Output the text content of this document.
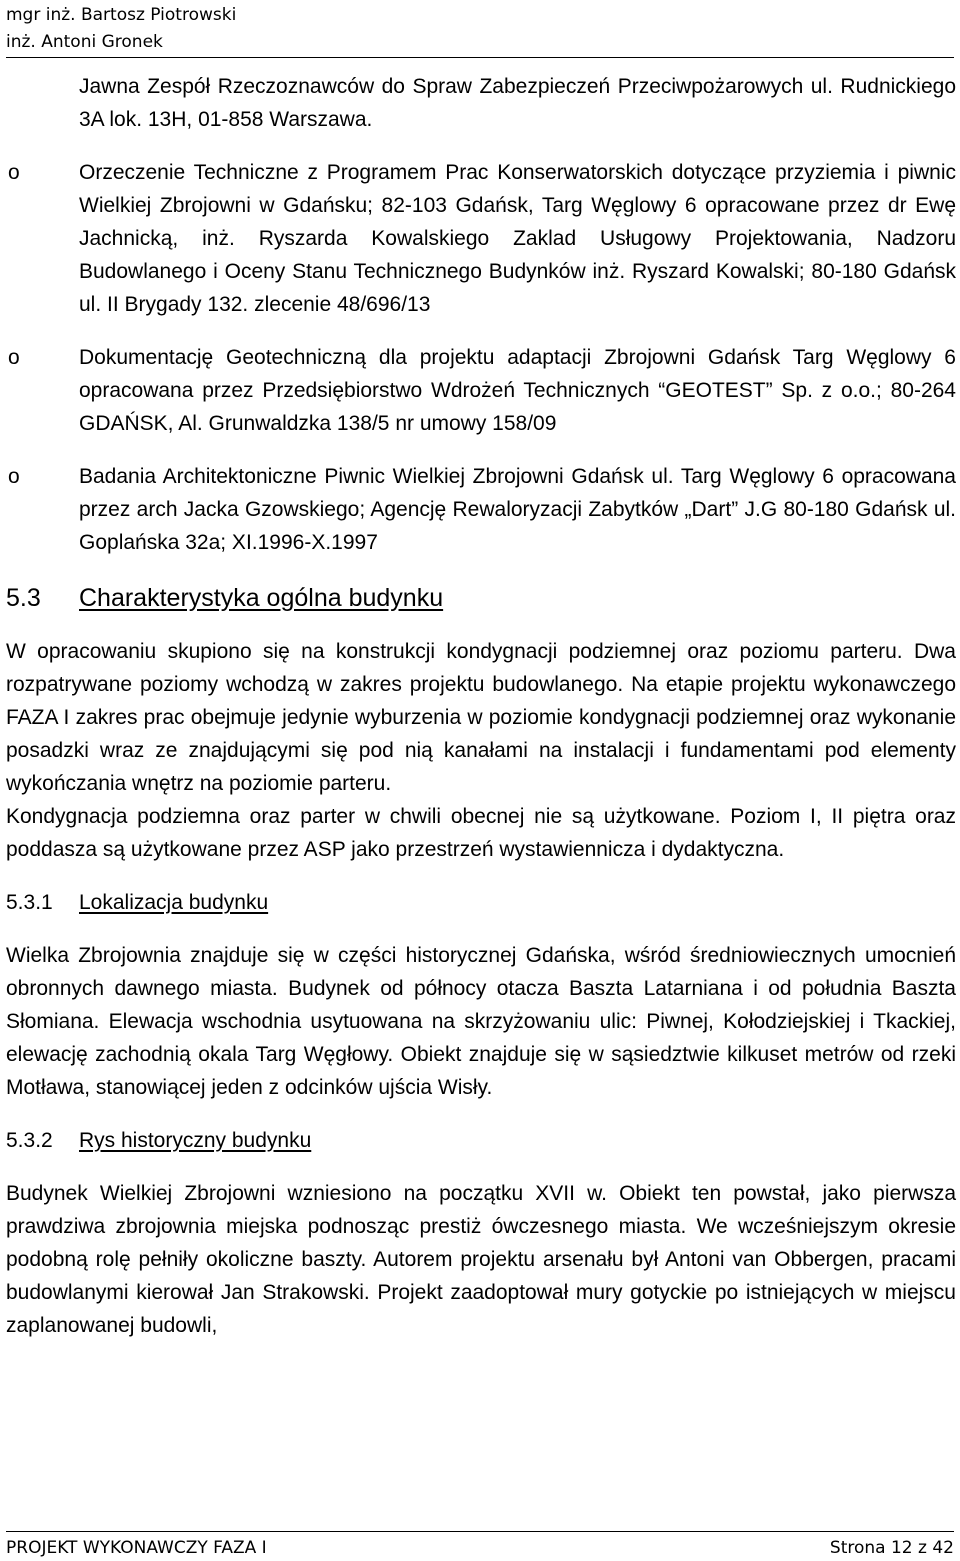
mgr inż. Bartosz Piotrowski
inż. Antoni Gronek

Jawna Zespół Rzeczoznawców do Spraw Zabezpieczeń Przeciwpożarowych ul. Rudnickiego 3A lok. 13H, 01-858 Warszawa.

o	Orzeczenie Techniczne z Programem Prac Konserwatorskich dotyczące przyziemia i piwnic Wielkiej Zbrojowni w Gdańsku; 82-103 Gdańsk, Targ Węglowy 6 opracowane przez dr Ewę Jachnicką, inż. Ryszarda Kowalskiego Zaklad Usługowy Projektowania, Nadzoru Budowlanego i Oceny Stanu Technicznego Budynków inż. Ryszard Kowalski; 80-180 Gdańsk ul. II Brygady 132. zlecenie 48/696/13
o	Dokumentację Geotechniczną dla projektu adaptacji Zbrojowni Gdańsk Targ Węglowy 6 opracowana przez Przedsiębiorstwo Wdrożeń Technicznych “GEOTEST” Sp. z o.o.; 80-264 GDAŃSK, Al. Grunwaldzka 138/5 nr umowy 158/09
o	Badania Architektoniczne Piwnic Wielkiej Zbrojowni Gdańsk ul. Targ Węglowy 6 opracowana przez arch Jacka Gzowskiego; Agencję Rewaloryzacji Zabytków „Dart” J.G 80-180 Gdańsk ul. Goplańska 32a; XI.1996-X.1997
5.3 Charakterystyka ogólna budynku

W opracowaniu skupiono się na konstrukcji kondygnacji podziemnej oraz poziomu parteru. Dwa rozpatrywane poziomy wchodzą w zakres projektu budowlanego. Na etapie projektu wykonawczego FAZA I zakres prac obejmuje jedynie wyburzenia w poziomie kondygnacji podziemnej oraz wykonanie posadzki wraz ze znajdującymi się pod nią kanałami na instalacji i fundamentami pod elementy wykończania wnętrz na poziomie parteru.

Kondygnacja podziemna oraz parter w chwili obecnej nie są użytkowane. Poziom I, II piętra oraz poddasza są użytkowane przez ASP jako przestrzeń wystawiennicza i dydaktyczna.

5.3.1 Lokalizacja budynku

Wielka Zbrojownia znajduje się w części historycznej Gdańska, wśród średniowiecznych umocnień obronnych dawnego miasta. Budynek od północy otacza Baszta Latarniana i od południa Baszta Słomiana. Elewacja wschodnia usytuowana na skrzyżowaniu ulic: Piwnej, Kołodziejskiej i Tkackiej, elewację zachodnią okala Targ Węgłowy. Obiekt znajduje się w sąsiedztwie kilkuset metrów od rzeki Motława, stanowiącej jeden z odcinków ujścia Wisły.

5.3.2 Rys historyczny budynku

Budynek Wielkiej Zbrojowni wzniesiono na początku XVII w. Obiekt ten powstał, jako pierwsza prawdziwa zbrojownia miejska podnosząc prestiż ówczesnego miasta. We wcześniejszym okresie podobną rolę pełniły okoliczne baszty. Autorem projektu arsenału był Antoni van Obbergen, pracami budowlanymi kierował Jan Strakowski. Projekt zaadoptował mury gotyckie po istniejących w miejscu zaplanowanej budowli,

PROJEKT WYKONAWCZY FAZA I	Strona 12 z 42
